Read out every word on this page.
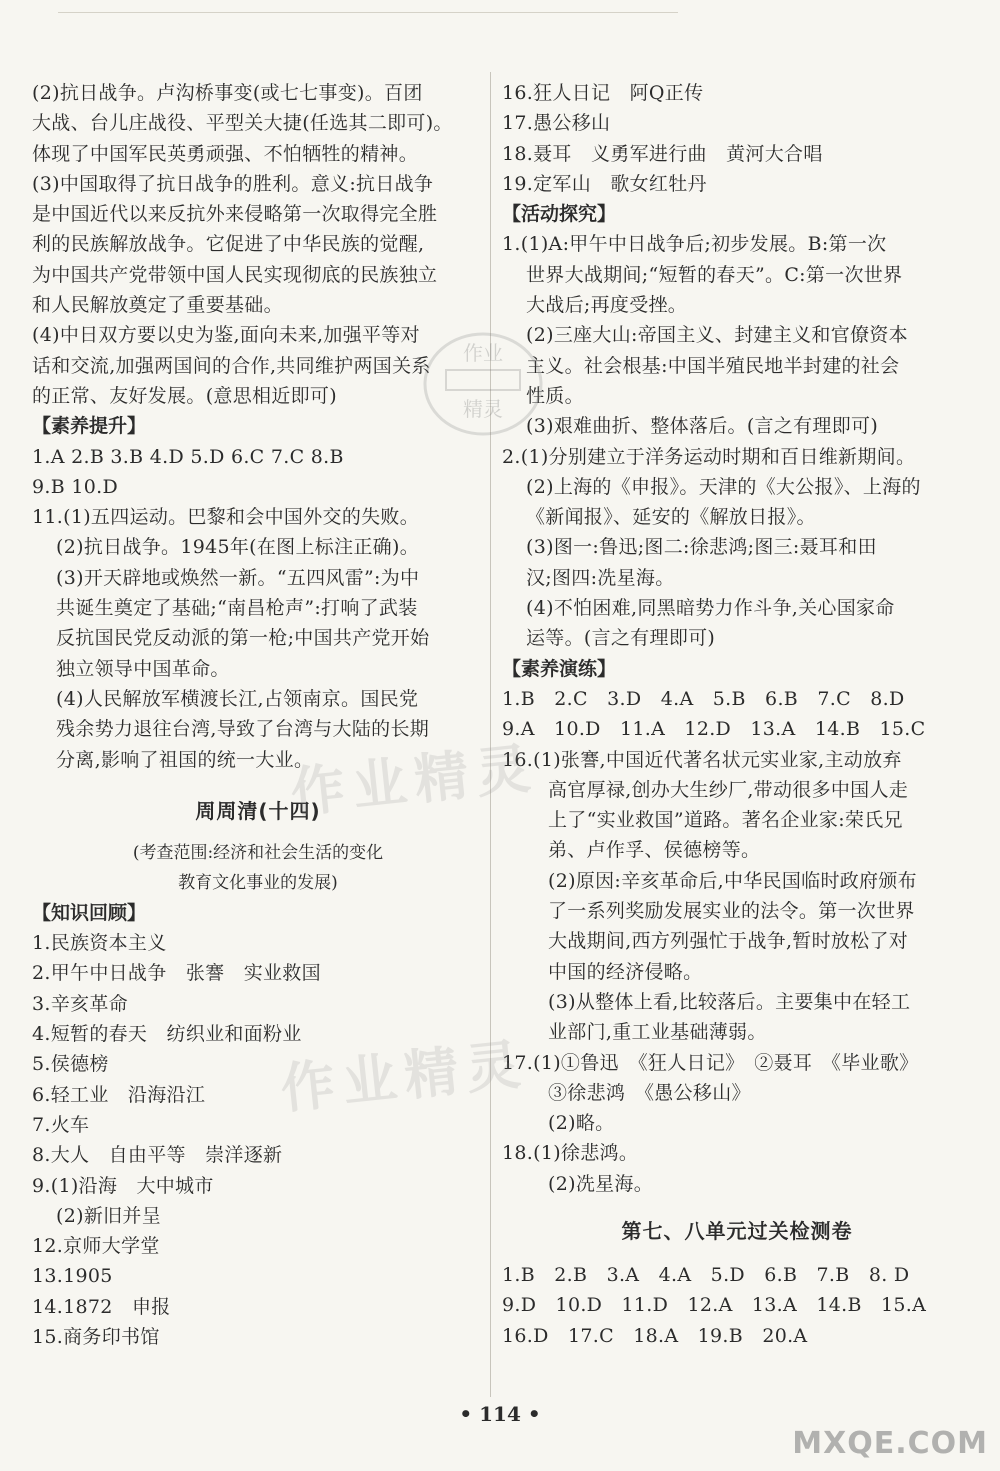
(2)抗日战争。卢沟桥事变(或七七事变)。百团
大战、台儿庄战役、平型关大捷(任选其二即可)。
体现了中国军民英勇顽强、不怕牺牲的精神。
(3)中国取得了抗日战争的胜利。意义:抗日战争
是中国近代以来反抗外来侵略第一次取得完全胜
利的民族解放战争。它促进了中华民族的觉醒,
为中国共产党带领中国人民实现彻底的民族独立
和人民解放奠定了重要基础。
(4)中日双方要以史为鉴,面向未来,加强平等对
话和交流,加强两国间的合作,共同维护两国关系
的正常、友好发展。(意思相近即可)
【素养提升】
1.A 2.B 3.B 4.D 5.D 6.C 7.C 8.B
9.B 10.D
11.(1)五四运动。巴黎和会中国外交的失败。
(2)抗日战争。1945年(在图上标注正确)。
(3)开天辟地或焕然一新。“五四风雷”:为中
共诞生奠定了基础;“南昌枪声”:打响了武装
反抗国民党反动派的第一枪;中国共产党开始
独立领导中国革命。
(4)人民解放军横渡长江,占领南京。国民党
残余势力退往台湾,导致了台湾与大陆的长期
分离,影响了祖国的统一大业。
周周清(十四)
(考查范围:经济和社会生活的变化
教育文化事业的发展)
【知识回顾】
1.民族资本主义
2.甲午中日战争　张謇　实业救国
3.辛亥革命
4.短暂的春天　纺织业和面粉业
5.侯德榜
6.轻工业　沿海沿江
7.火车
8.大人　自由平等　崇洋逐新
9.(1)沿海　大中城市
(2)新旧并呈
12.京师大学堂
13.1905
14.1872　申报
15.商务印书馆
16.狂人日记　阿Q正传
17.愚公移山
18.聂耳　义勇军进行曲　黄河大合唱
19.定军山　歌女红牡丹
【活动探究】
1.(1)A:甲午中日战争后;初步发展。B:第一次
世界大战期间;“短暂的春天”。C:第一次世界
大战后;再度受挫。
(2)三座大山:帝国主义、封建主义和官僚资本
主义。社会根基:中国半殖民地半封建的社会
性质。
(3)艰难曲折、整体落后。(言之有理即可)
2.(1)分别建立于洋务运动时期和百日维新期间。
(2)上海的《申报》。天津的《大公报》、上海的
《新闻报》、延安的《解放日报》。
(3)图一:鲁迅;图二:徐悲鸿;图三:聂耳和田
汉;图四:冼星海。
(4)不怕困难,同黑暗势力作斗争,关心国家命
运等。(言之有理即可)
【素养演练】
1.B　2.C　3.D　4.A　5.B　6.B　7.C　8.D
9.A　10.D　11.A　12.D　13.A　14.B　15.C
16.(1)张謇,中国近代著名状元实业家,主动放弃
高官厚禄,创办大生纱厂,带动很多中国人走
上了“实业救国”道路。著名企业家:荣氏兄
弟、卢作孚、侯德榜等。
(2)原因:辛亥革命后,中华民国临时政府颁布
了一系列奖励发展实业的法令。第一次世界
大战期间,西方列强忙于战争,暂时放松了对
中国的经济侵略。
(3)从整体上看,比较落后。主要集中在轻工
业部门,重工业基础薄弱。
17.(1)①鲁迅　《狂人日记》　②聂耳　《毕业歌》
③徐悲鸿　《愚公移山》
(2)略。
18.(1)徐悲鸿。
(2)冼星海。
第七、八单元过关检测卷
1.B　2.B　3.A　4.A　5.D　6.B　7.B　8. D
9.D　10.D　11.D　12.A　13.A　14.B　15.A
16.D　17.C　18.A　19.B　20.A
• 114 •
作业精灵
作业精灵
作业
精灵
MXQE.COM
